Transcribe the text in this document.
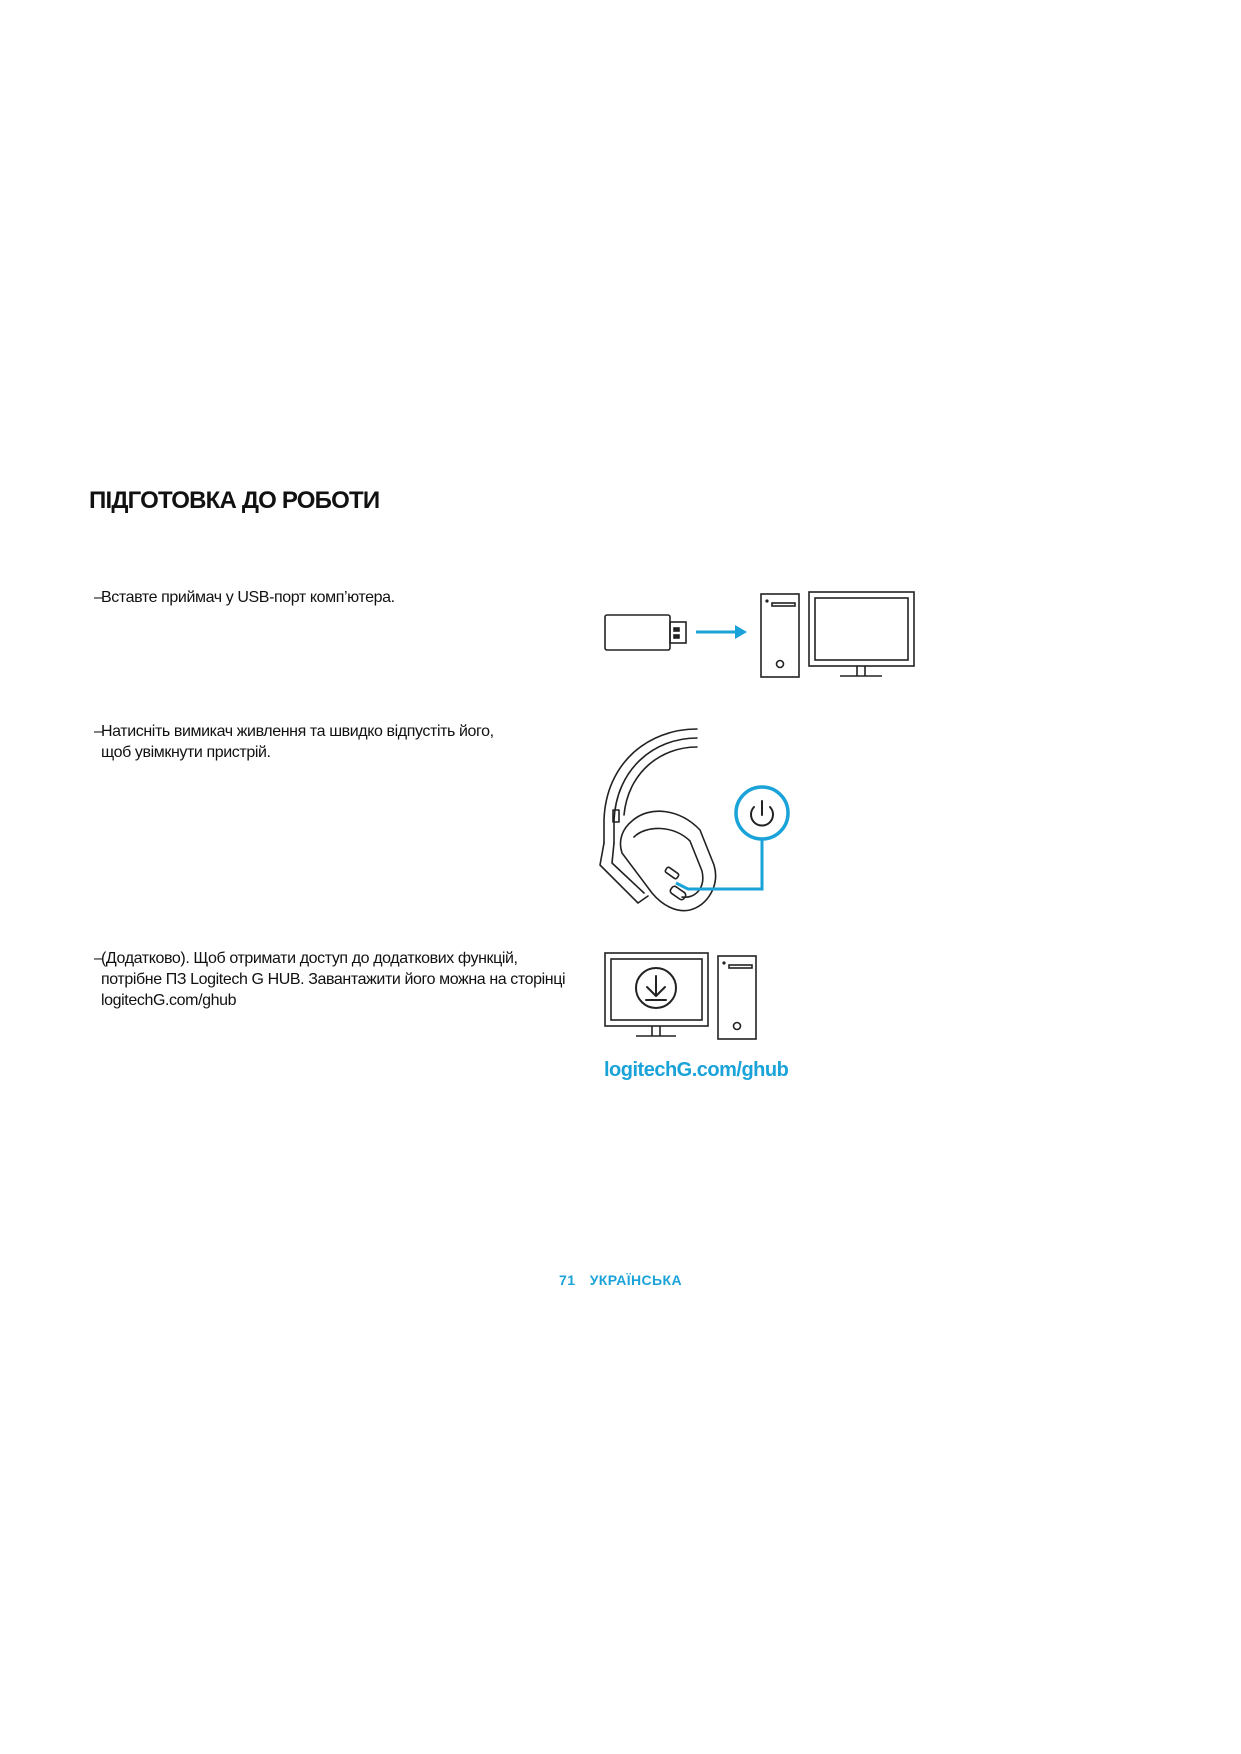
ПІДГОТОВКА ДО РОБОТИ
–Вставте приймач у USB-порт комп’ютера.
–Натисніть вимикач живлення та швидко відпустіть його,
щоб увімкнути пристрій.
–(Додатково). Щоб отримати доступ до додаткових функцій,
потрібне ПЗ Logitech G HUB. Завантажити його можна на сторінці
logitechG.com/ghub
logitechG.com/ghub
71 УКРАЇНСЬКА
